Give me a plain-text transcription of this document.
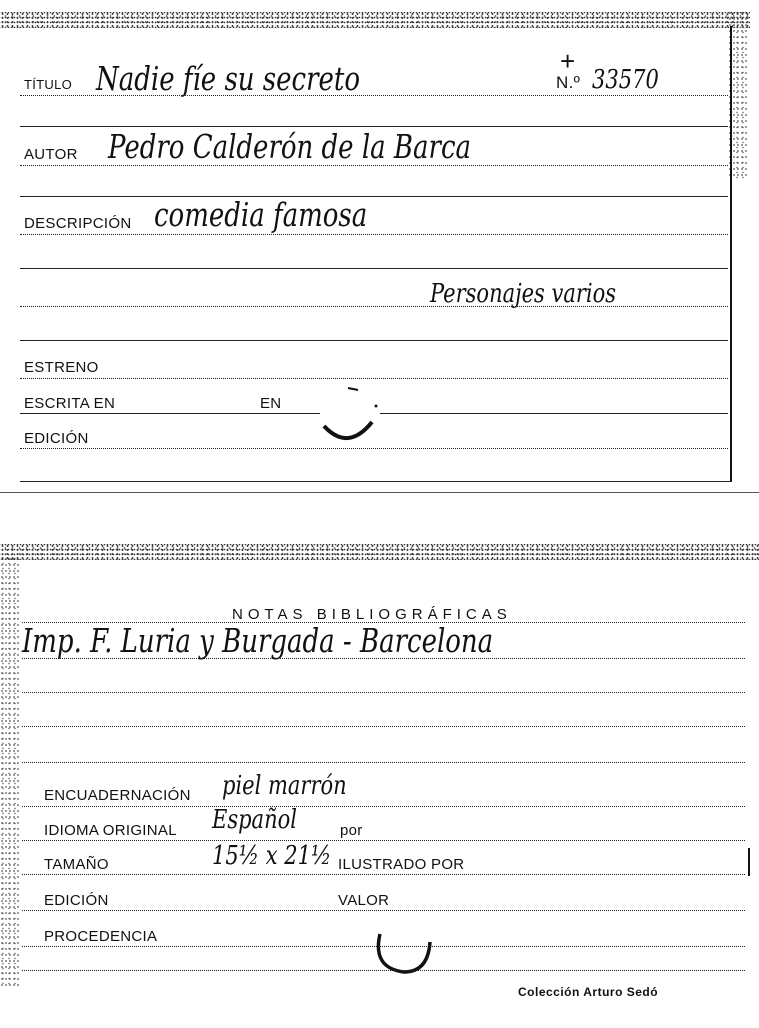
TÍTULO Nadie fíe su secreto	+
N.º 33570
AUTOR Pedro Calderón de la Barca
DESCRIPCIÓN comedia famosa
Personajes varios
ESTRENO
ESCRITA EN	EN
EDICIÓN
NOTAS BIBLIOGRÁFICAS
Imp. F. Luria y Burgada - Barcelona
ENCUADERNACIÓN piel marrón
IDIOMA ORIGINAL Español	por
TAMAÑO	15½ x 21½ ILUSTRADO POR
EDICIÓN	VALOR
PROCEDENCIA
Colección Arturo Sedó
